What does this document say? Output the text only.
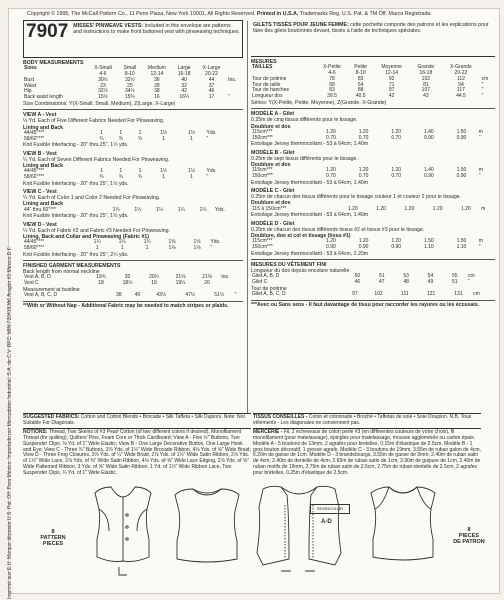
Copyright © 1995, The McCall Pattern Co., 11 Penn Plaza, New York 10001, All Rights Reserved. Printed in U.S.A. Trademarks Reg. U.S. Pat. & TM Off. Marca Registrada
Imprimé aux E.U. Marque déposée U.S. Pat. Off. Para México: Importado por Mercadotec Industrial, S.A. de C.V. RFC: MIN-720419JA6 Aragón #3 México D.F.
7907 MISSES' PINWEAVE VESTS: Included in this envelope are patterns and instructions to make front buttoned vest with pinweaving techniques.
BODY MEASUREMENTS
Sizes	X-Small	Small	Medium	Large	X-Large	
	4-6	8-10	12-14	16-18	20-22	
Bust	30½	32½	36	40	44	Ins.
Waist	23	25	28	32	37	
Hip	32½	34½	38	42	46	
Back waist length	15½	15¾	16	16¼	17	"
Size Combinations: Y(X-Small, Small, Medium), Z(Large, X-Large)
VIEW A - Vest
¼ Yd. Each of Five Different Fabrics Needed For Pinweaving.
Lining and Back
44/45"***	1	1	1	1½	1½	Yds.
58/60"***	¾	¾	¾	1	1	"
Knit Fusible Interfacing - 20" thru 25", 1½ yds.
VIEW B - Vest
¼ Yd. Each of Seven Different Fabrics Needed For Pinweaving.
Lining and Back
44/45"***	1	1	1	1½	1½	Yds.
58/60"***	¾	¾	¾	1	1	"
Knit Fusible Interfacing - 20" thru 25", 1½ yds.
VIEW C - Vest
¼ Yd. Each of Color 1 and Color 2 Needed For Pinweaving.
Lining and Back
44" thru 60"***	1¼	1¼	1¼	1¼	1¼	Yds.
Knit Fusible Interfacing - 20" thru 25", 1½ yds.
VIEW D - Vest
¼ Yd. Each of Fabric #2 and Fabric #3 Needed For Pinweaving.
Lining, Back and Collar and Pinweaving (Fabric #1)
44/45"***	1¼	1¼	1¼	1⅝	1⅝	Yds.
58/60"***	1	1	1	1⅛	1⅛	"
Knit Fusible Interfacing - 20" thru 25", 2¼ yds.
FINISHED GARMENT MEASUREMENTS
Back length from normal neckline
Vest A, B, D	19¾	20	20¼	21⅛	21⅛	Ins.
Vest C	18	18½	19	19¼	20	
Measurement at bustline
Vest A, B, C, D	38	40	43½	47½	51½	"
**With or Without Nap - Additional Fabric may be needed to match stripes or plaids.
GILETS TISSÉS POUR JEUNE FEMME: cette pochette comporte des patrons et les explications pour faire des gilets boutonnés devant, tissés à l'aide de techniques spéciales.
MESURES
TAILLES	X-Petite	Petite	Moyenne	Grande	X-Grande	
	4-6	8-10	12-14	16-18	20-22	
Tour de poitrine	78	83	92	102	112	cm
Tour de taille	58	64	71	81	94	"
Tour de hanches	83	88	97	107	117	"
Longueur dos	39.5	40.5	42	43	44.5	"
Séries: Y(X-Petite, Petite, Moyenne), Z(Grande, X-Grande)
MODÈLE A - Gilet
0.25m de cinq tissus différents pour le tissage.
Doublure et dos
115cm***	1.20	1.20	1.20	1.40	1.50	m
150cm***	0.70	0.70	0.70	0.90	0.90	"
Entoilage Jersey thermocollant - 53 à 64cm, 1.40m
MODÈLE B - Gilet
0.25m de sept tissus différents pour le tissage.
Doublure et dos
115cm***	1.20	1.20	1.20	1.40	1.50	m
150cm***	0.70	0.70	0.70	0.90	0.90	"
Entoilage Jersey thermocollant - 53 à 64cm, 1.40m
MODÈLE C - Gilet
0.25m de chacun des tissus différents pour le tissage couleur 1 et couleur 2 pour le tissage.
Doublure et dos
115 à 150cm***	1.20	1.20	1.20	1.20	1.20	m
Entoilage Jersey thermocollant - 53 à 64cm, 1.40m
MODÈLE D - Gilet
0.25m de chacun des tissus différents tissus #2 et tissus #3 pour le tissage.
Doublure, dos et col et tissage (tissu #1)
115cm***	1.20	1.20	1.20	1.50	1.50	m
150cm***	0.90	0.90	0.90	1.10	1.10	"
Entoilage Jersey thermocollant - 53 à 64cm, 2.20m
MESURES DU VÊTEMENT FINI
Longueur du dos depuis encolure naturelle
Gilet A, B, D	50	51	53	54	55	cm
Gilet C	46	47	48	49	51	"
Tour de poitrine
Gilet A, B, C, D	97	102	111	121	131	cm
***Avec ou Sans sens - Il faut davantage de tissu pour raccorder les rayures ou les écossais.
SUGGESTED FABRICS: Cotton and Cotton Blends • Brocade • Silk Taffeta • Silk Dupioni. Note: Not Suitable For Diagonals.
NOTIONS: Thread, Two Skeins of #3 Pearl Cotton (of two different colors if desired), Monofilament Thread (for quilting), Quilters' Pins, Foam Core or Thick Cardboard; View A - Five ½" Buttons, Two Suspender Clips, ⅛ Yd. of 1" Wide Elastic; View B - One Large Decorative Button, One Large Hook and Eye; View C - Three ¾" Buttons, 3⅞ Yds. of 1½" Wide Brocade Ribbon, 4⅛ Yds. of ⅝" Wide Braid; View D - Three Frog Closures, 3⅞ Yds. of ¼" Wide Braid, 2⅞ Yds. of 1½" Wide Satin Ribbon, 2⅞ Yds. of 1½" Wide Lace, 2⅞ Yds. of ⅜" Wide Satin Ribbon, 4⅛ Yds. of ⅜" Wide Lace Edging, 2⅞ Yds. of ⅝" Wide Patterned Ribbon, 3 Yds. of ⅝" Wide Satin Ribbon, 1 Yd. of 1½" Wide Ribbon Lace, Two Suspender Clips, ¼ Yd. of 1" Wide Elastic.
TISSUS CONSEILLÉS - Coton et cotonnade • Broché • Taffetas de soie • Soie Doupion. N.B. Tous vêtements - Les diagonales ne conviennent pas.
MERCERIE - Fil, 2 écheveaux de coton perlé #3 (en différentes couleurs de votre choix), fil monofilament (pour matelassage), épingles pour matelassage, mousse agglomérée ou carton épais. Modèle A - 5 boutons de 13mm, 2 agrafes pour bretelles, 0.15m d'élastique de 2.5cm. Modèle B - 1 gros bouton décoratif, 1 grosse agrafe. Modèle C - 3 boutons de 19mm, 3.55m de ruban galon de 4cm, 6.20m de ganse de 1cm. Modèle D - 3 brandebourgs, 3.55m de ganse de 3mm, 2.40m de ruban satin de 4cm, 2.40m de dentelle de 4cm, 2.65m de ruban satin de 1cm, 3.90m de guipure de 1cm, 2.40m de ruban motifs de 19mm, 2.75m de ruban satin de 2.5cm, 2.75m de ruban-dentelle de 2.5cm, 2 agrafes pour bretelles, 0.25m d'élastique de 2.5cm.
8
PATTERN
PIECES
8
PIECES
DE PATRON
SEWNCOLOR
A-D
